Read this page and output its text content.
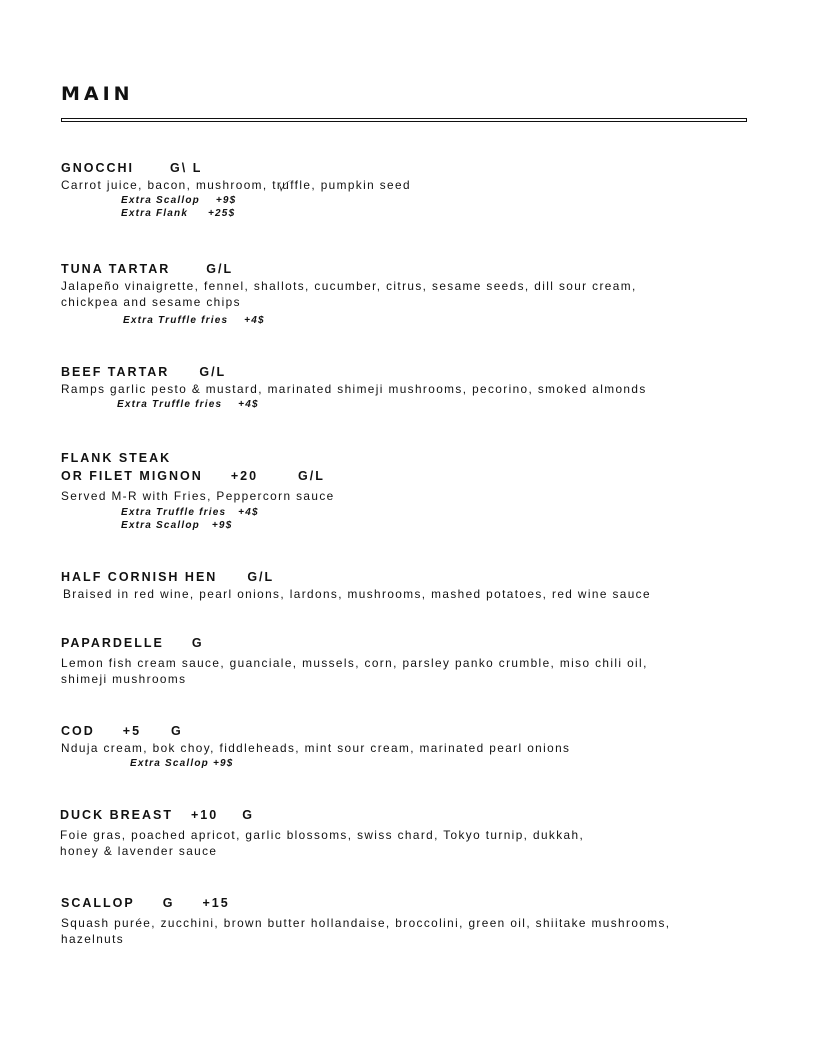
MAIN
GNOCCHI	G\ L

Carrot juice, bacon, mushroom, truffle, pumpkin seed
Extra Scallop    +9$
Extra Flank     +25$
TUNA TARTAR	G/L
Jalapeño vinaigrette, fennel, shallots, cucumber, citrus, sesame seeds, dill sour cream,
chickpea and sesame chips
Extra Truffle fries    +4$
BEEF TARTAR G/L
Ramps garlic pesto & mustard, marinated shimeji mushrooms, pecorino, smoked almonds
Extra Truffle fries    +4$
FLANK STEAK
OR FILET MIGNON +20	G/L
Served M-R with Fries, Peppercorn sauce
Extra Truffle fries   +4$
Extra Scallop   +9$
HALF CORNISH HEN G/L
Braised in red wine, pearl onions, lardons, mushrooms, mashed potatoes, red wine sauce
PAPARDELLE G
Lemon fish cream sauce, guanciale, mussels, corn, parsley panko crumble, miso chili oil,
shimeji mushrooms
COD +5 G
Nduja cream, bok choy, fiddleheads, mint sour cream, marinated pearl onions
Extra Scallop +9$
DUCK BREAST +10 G
Foie gras, poached apricot, garlic blossoms, swiss chard, Tokyo turnip, dukkah,
honey & lavender sauce
SCALLOP G +15
Squash purée, zucchini, brown butter hollandaise, broccolini, green oil, shiitake mushrooms,
hazelnuts
